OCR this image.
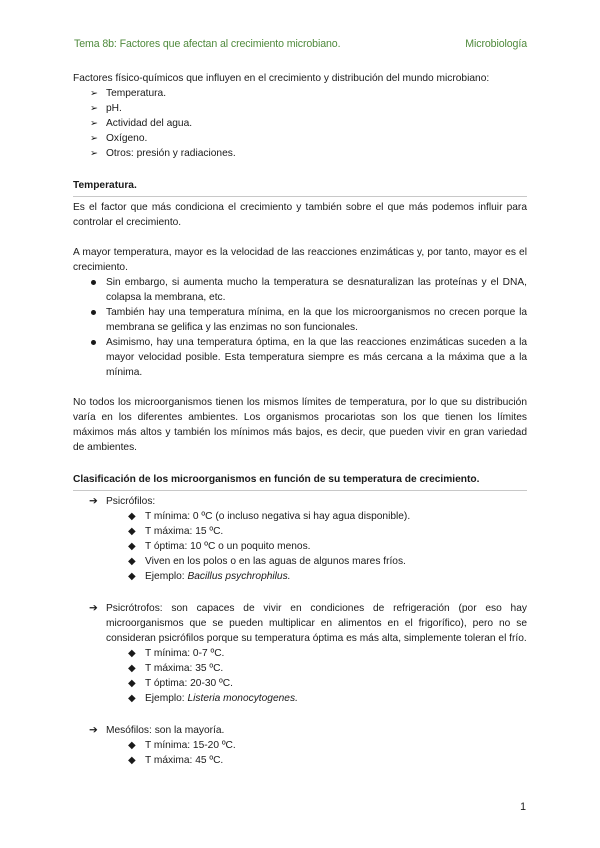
Tema 8b: Factores que afectan al crecimiento microbiano.	Microbiología

Factores físico-químicos que influyen en el crecimiento y distribución del mundo microbiano:

➢ Temperatura.
➢ pH.
➢ Actividad del agua.
➢ Oxígeno.
➢ Otros: presión y radiaciones.

Temperatura.

Es el factor que más condiciona el crecimiento y también sobre el que más podemos influir para controlar el crecimiento.

A mayor temperatura, mayor es la velocidad de las reacciones enzimáticas y, por tanto, mayor es el crecimiento.

Sin embargo, si aumenta mucho la temperatura se desnaturalizan las proteínas y el DNA, colapsa la membrana, etc.
También hay una temperatura mínima, en la que los microorganismos no crecen porque la membrana se gelifica y las enzimas no son funcionales.
Asimismo, hay una temperatura óptima, en la que las reacciones enzimáticas suceden a la mayor velocidad posible. Esta temperatura siempre es más cercana a la máxima que a la mínima.

No todos los microorganismos tienen los mismos límites de temperatura, por lo que su distribución varía en los diferentes ambientes. Los organismos procariotas son los que tienen los límites máximos más altos y también los mínimos más bajos, es decir, que pueden vivir en gran variedad de ambientes.

Clasificación de los microorganismos en función de su temperatura de crecimiento.

➔ Psicrófilos:
◆ T mínima: 0 ºC (o incluso negativa si hay agua disponible).
◆ T máxima: 15 ºC.
◆ T óptima: 10 ºC o un poquito menos.
◆ Viven en los polos o en las aguas de algunos mares fríos.
◆ Ejemplo: Bacillus psychrophilus.
➔ Psicrótrofos: son capaces de vivir en condiciones de refrigeración (por eso hay microorganismos que se pueden multiplicar en alimentos en el frigorífico), pero no se consideran psicrófilos porque su temperatura óptima es más alta, simplemente toleran el frío.
◆ T mínima: 0-7 ºC.
◆ T máxima: 35 ºC.
◆ T óptima: 20-30 ºC.
◆ Ejemplo: Listeria monocytogenes.
➔ Mesófilos: son la mayoría.
◆ T mínima: 15-20 ºC.
◆ T máxima: 45 ºC.
1
